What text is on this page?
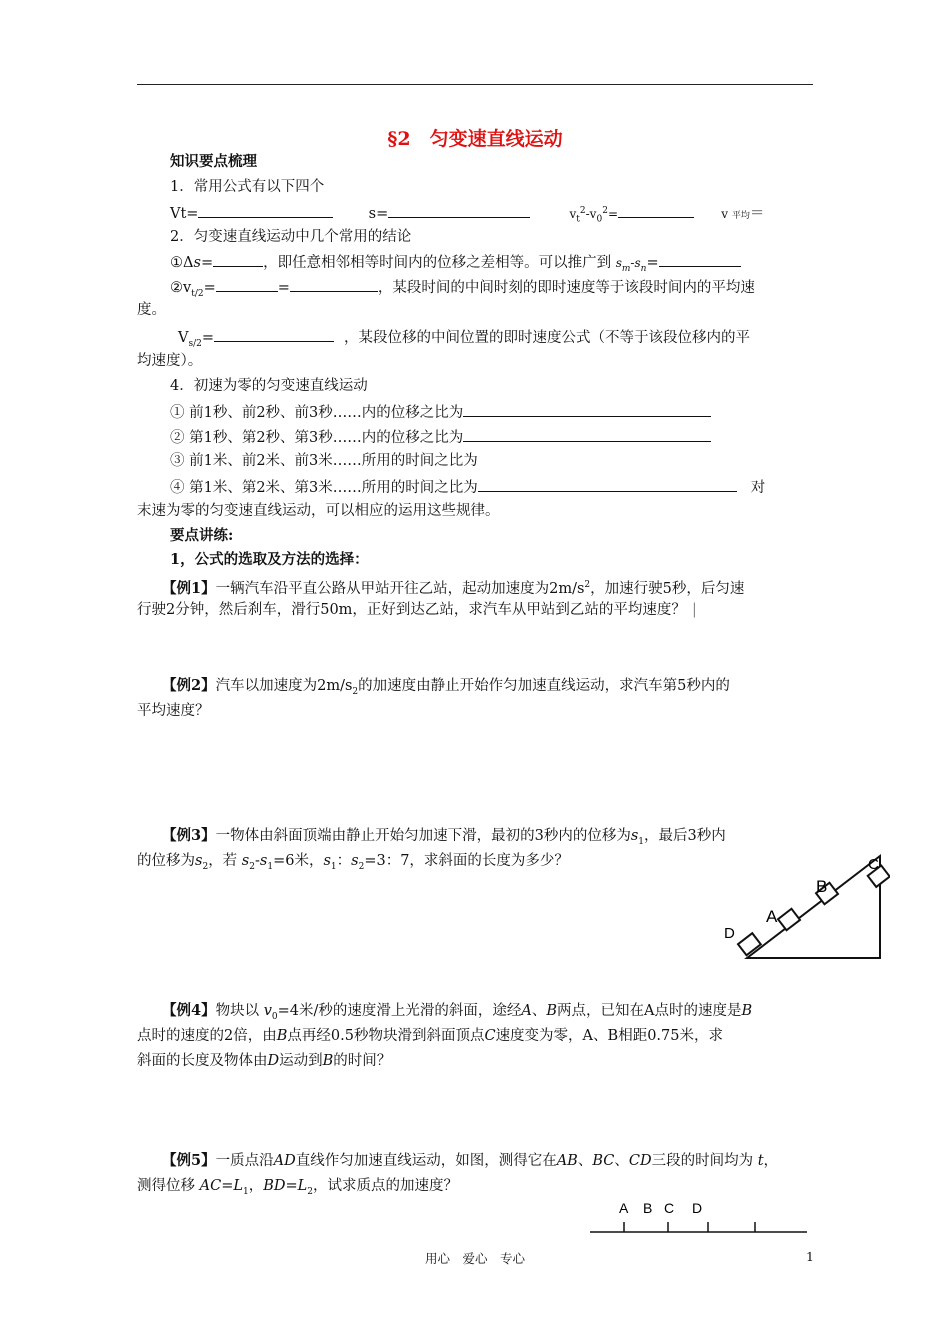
§2　匀变速直线运动
知识要点梳理
1．常用公式有以下四个
Vt=	s=	$v_t^2-v_0^2=$	v 平均＝
2．匀变速直线运动中几个常用的结论
①Δs=	，即任意相邻相等时间内的位移之差相等。可以推广到 $s_m-s_n=$
$②v_{t/2}=$	=	，某段时间的中间时刻的即时速度等于该段时间内的平均速
度。
$V_{s/2}=$	，某段位移的中间位置的即时速度公式（不等于该段位移内的平
均速度）。
4．初速为零的匀变速直线运动
① 前1秒、前2秒、前3秒……内的位移之比为
② 第1秒、第2秒、第3秒……内的位移之比为
③ 前1米、前2米、前3米……所用的时间之比为
④ 第1米、第2米、第3米……所用的时间之比为	对
末速为零的匀变速直线运动，可以相应的运用这些规律。
要点讲练:
1，公式的选取及方法的选择：
【例1】一辆汽车沿平直公路从甲站开往乙站，起动加速度为$2m/s^2$，加速行驶5秒，后匀速
行驶2分钟，然后刹车，滑行50m，正好到达乙站，求汽车从甲站到乙站的平均速度？ |
【例2】汽车以加速度为$2m/s_2$的加速度由静止开始作匀加速直线运动，求汽车第5秒内的
平均速度？
【例3】一物体由斜面顶端由静止开始匀加速下滑，最初的3秒内的位移为$s_1$，最后3秒内
的位移为$s_2$，若 $s_2-s_1=6$米，$s_1$：$s_2=3$：7，求斜面的长度为多少？
D
A
B
C
【例4】物块以 $v_0=4$米/秒的速度滑上光滑的斜面，途经A、B两点，已知在A点时的速度是B
点时的速度的2倍，由B点再经0.5秒物块滑到斜面顶点C速度变为零，A、B相距0.75米，求
斜面的长度及物体由D运动到B的时间？
【例5】一质点沿AD直线作匀加速直线运动，如图，测得它在AB、BC、CD三段的时间均为 t，
测得位移 $AC=L_1$，$BD=L_2$，试求质点的加速度？
A B C D
用心　爱心　专心	1
